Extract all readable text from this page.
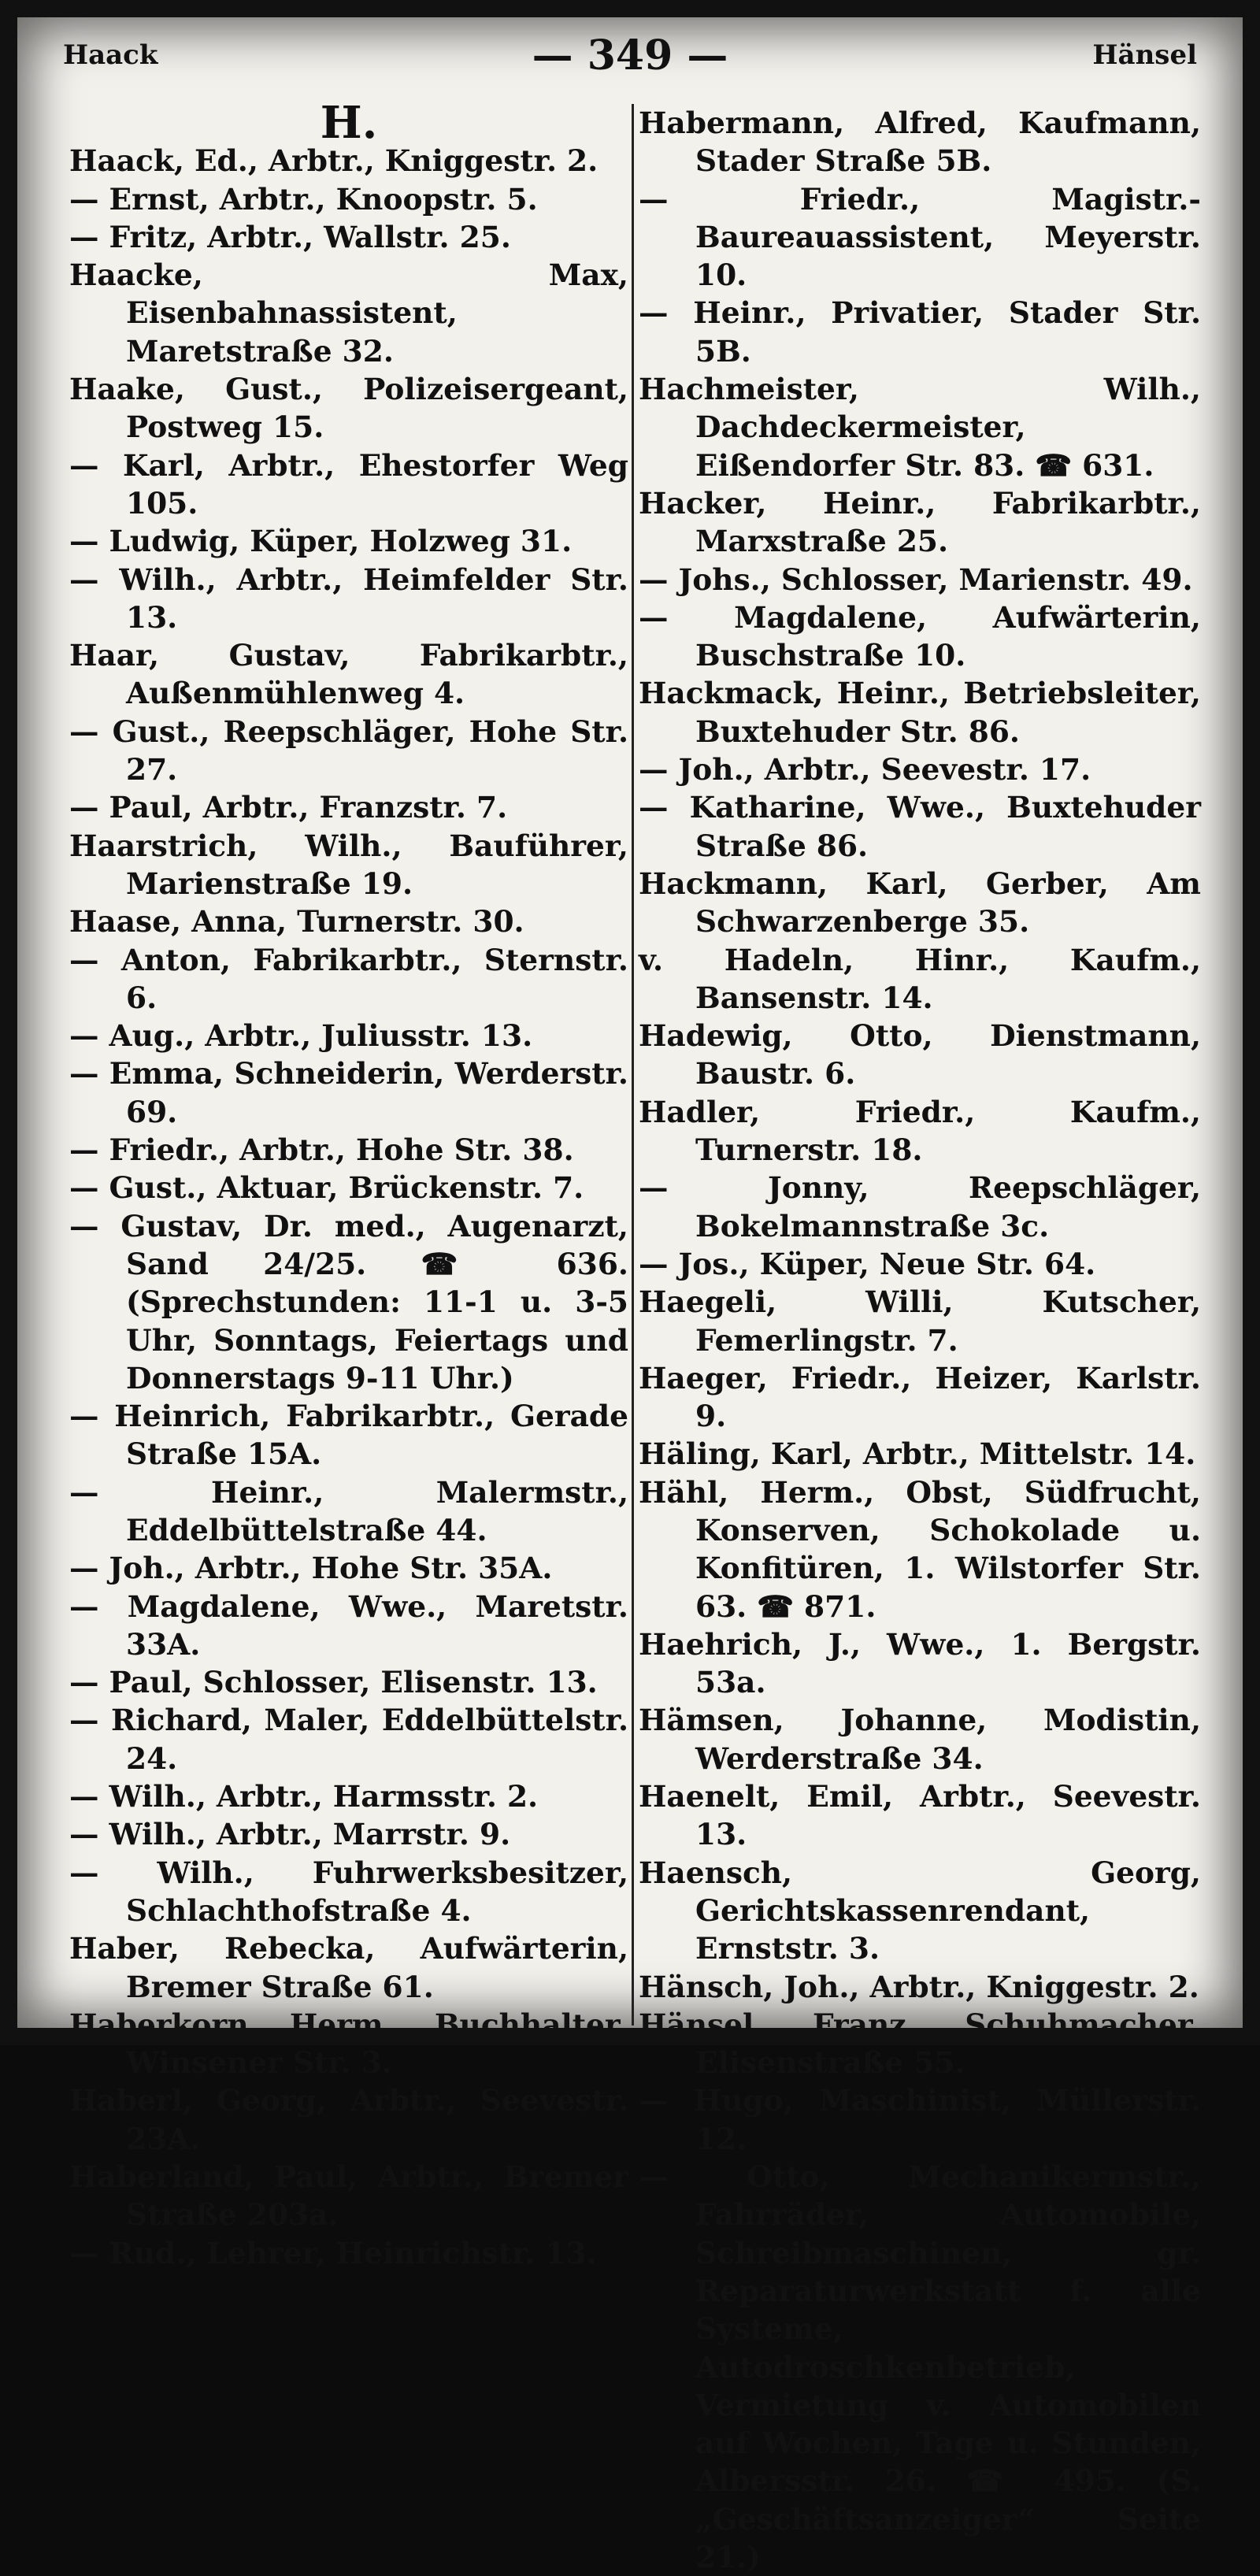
Haack	— 349 —	Hänsel
H.
Haack, Ed., Arbtr., Kniggestr. 2.
— Ernst, Arbtr., Knoopstr. 5.
— Fritz, Arbtr., Wallstr. 25.
Haacke, Max, Eisenbahnassistent, Maretstraße 32.
Haake, Gust., Polizeisergeant, Postweg 15.
— Karl, Arbtr., Ehestorfer Weg 105.
— Ludwig, Küper, Holzweg 31.
— Wilh., Arbtr., Heimfelder Str. 13.
Haar, Gustav, Fabrikarbtr., Außenmühlenweg 4.
— Gust., Reepschläger, Hohe Str. 27.
— Paul, Arbtr., Franzstr. 7.
Haarstrich, Wilh., Bauführer, Marienstraße 19.
Haase, Anna, Turnerstr. 30.
— Anton, Fabrikarbtr., Sternstr. 6.
— Aug., Arbtr., Juliusstr. 13.
— Emma, Schneiderin, Werderstr. 69.
— Friedr., Arbtr., Hohe Str. 38.
— Gust., Aktuar, Brückenstr. 7.
— Gustav, Dr. med., Augenarzt, Sand 24/25. ☎ 636. (Sprechstunden: 11-1 u. 3-5 Uhr, Sonntags, Feiertags und Donnerstags 9-11 Uhr.)
— Heinrich, Fabrikarbtr., Gerade Straße 15A.
— Heinr., Malermstr., Eddelbüttelstraße 44.
— Joh., Arbtr., Hohe Str. 35A.
— Magdalene, Wwe., Maretstr. 33A.
— Paul, Schlosser, Elisenstr. 13.
— Richard, Maler, Eddelbüttelstr. 24.
— Wilh., Arbtr., Harmsstr. 2.
— Wilh., Arbtr., Marrstr. 9.
— Wilh., Fuhrwerksbesitzer, Schlachthofstraße 4.
Haber, Rebecka, Aufwärterin, Bremer Straße 61.
Haberkorn, Herm., Buchhalter, Winsener Str. 3.
Haberl, Georg, Arbtr., Seevestr. 23A.
Haberland, Paul, Arbtr., Bremer Straße 203a.
— Rud., Lehrer, Heinrichstr. 13.
Habermann, Alfred, Kaufmann, Stader Straße 5B.
— Friedr., Magistr.-Baureauassistent, Meyerstr. 10.
— Heinr., Privatier, Stader Str. 5B.
Hachmeister, Wilh., Dachdeckermeister, Eißendorfer Str. 83. ☎ 631.
Hacker, Heinr., Fabrikarbtr., Marxstraße 25.
— Johs., Schlosser, Marienstr. 49.
— Magdalene, Aufwärterin, Buschstraße 10.
Hackmack, Heinr., Betriebsleiter, Buxtehuder Str. 86.
— Joh., Arbtr., Seevestr. 17.
— Katharine, Wwe., Buxtehuder Straße 86.
Hackmann, Karl, Gerber, Am Schwarzenberge 35.
v. Hadeln, Hinr., Kaufm., Bansenstr. 14.
Hadewig, Otto, Dienstmann, Baustr. 6.
Hadler, Friedr., Kaufm., Turnerstr. 18.
— Jonny, Reepschläger, Bokelmannstraße 3c.
— Jos., Küper, Neue Str. 64.
Haegeli, Willi, Kutscher, Femerlingstr. 7.
Haeger, Friedr., Heizer, Karlstr. 9.
Häling, Karl, Arbtr., Mittelstr. 14.
Hähl, Herm., Obst, Südfrucht, Konserven, Schokolade u. Konfitüren, 1. Wilstorfer Str. 63. ☎ 871.
Haehrich, J., Wwe., 1. Bergstr. 53a.
Hämsen, Johanne, Modistin, Werderstraße 34.
Haenelt, Emil, Arbtr., Seevestr. 13.
Haensch, Georg, Gerichtskassenrendant, Ernststr. 3.
Hänsch, Joh., Arbtr., Kniggestr. 2.
Hänsel, Franz, Schuhmacher, Elisenstraße 55.
— Hugo, Maschinist, Müllerstr. 12.
— Otto, Mechanikermstr., Fahrräder, Automobile, Schreibmaschinen, gr. Reparaturwerkstatt f. alle Systeme, Autodroschkenbetrieb, Vermietung v. Automobilen auf Wochen, Tage u. Stunden, Albersstr. 26. ☎ 495. (S. „Geschäftsanzeiger“ Seite 21.)
